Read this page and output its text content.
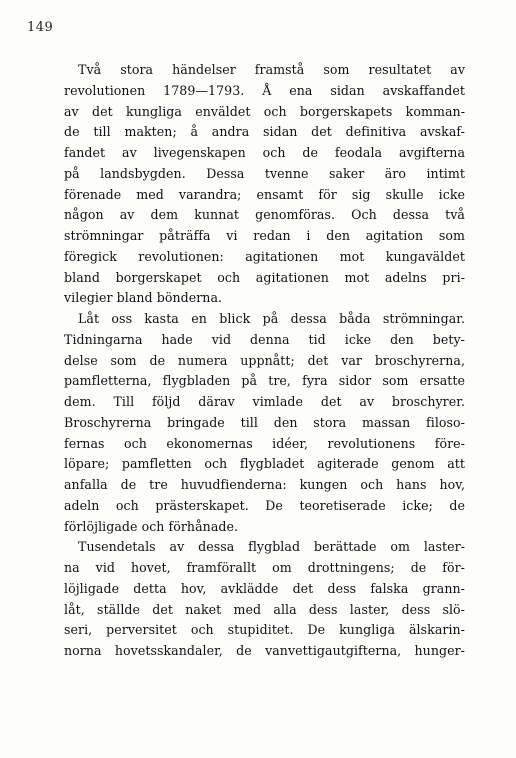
149
Två stora händelser framstå som resultatet av
revolutionen 1789—1793. Å ena sidan avskaffandet
av det kungliga enväldet och borgerskapets komman-
de till makten; å andra sidan det definitiva avskaf-
fandet av livegenskapen och de feodala avgifterna
på landsbygden. Dessa tvenne saker äro intimt
förenade med varandra; ensamt för sig skulle icke
någon av dem kunnat genomföras. Och dessa två
strömningar påträffa vi redan i den agitation som
föregick revolutionen: agitationen mot kungaväldet
bland borgerskapet och agitationen mot adelns pri-
vilegier bland bönderna.
Låt oss kasta en blick på dessa båda strömningar.
Tidningarna hade vid denna tid icke den bety-
delse som de numera uppnått; det var broschyrerna,
pamfletterna, flygbladen på tre, fyra sidor som ersatte
dem. Till följd därav vimlade det av broschyrer.
Broschyrerna bringade till den stora massan filoso-
fernas och ekonomernas idéer, revolutionens före-
löpare; pamfletten och flygbladet agiterade genom att
anfalla de tre huvudfienderna: kungen och hans hov,
adeln och prästerskapet. De teoretiserade icke; de
förlöjligade och förhånade.
Tusendetals av dessa flygblad berättade om laster-
na vid hovet, framförallt om drottningens; de för-
löjligade detta hov, avklädde det dess falska grann-
låt, ställde det naket med alla dess laster, dess slö-
seri, perversitet och stupiditet. De kungliga älskarin-
norna hovetsskandaler, de vanvettigautgifterna, hunger-
